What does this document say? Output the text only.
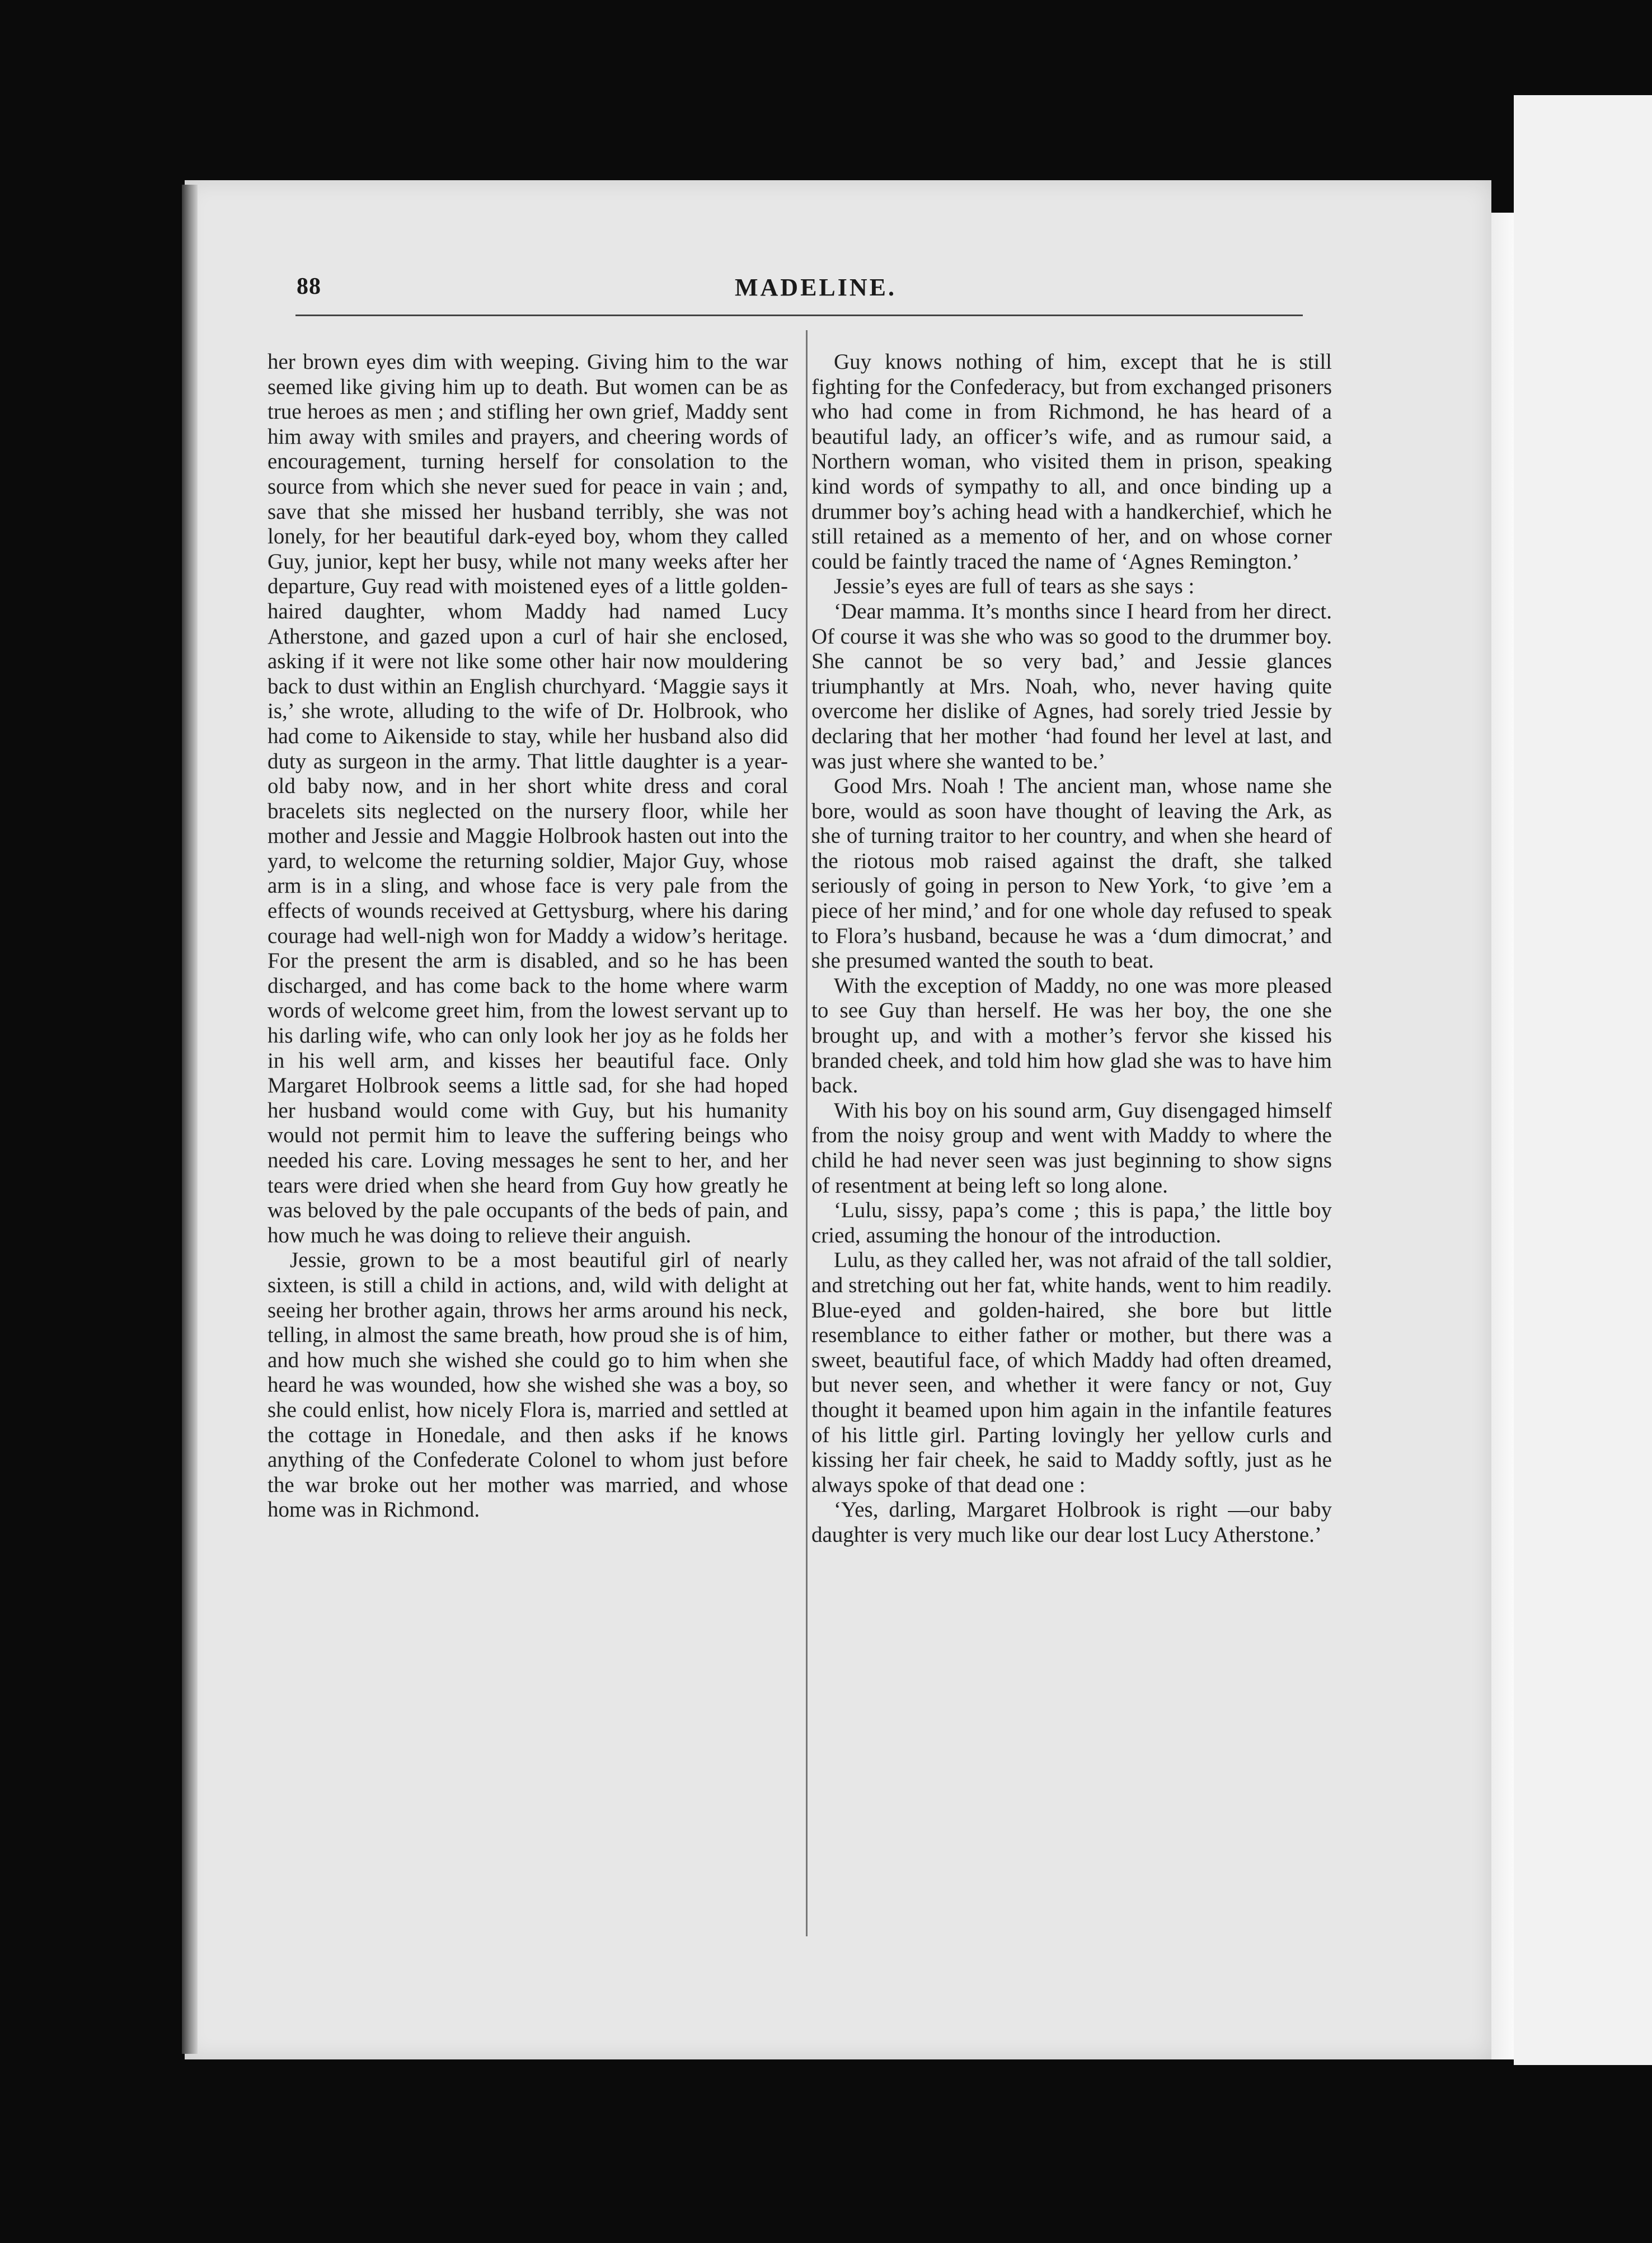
88	MADELINE.

her brown eyes dim with weeping. Giving him to the war seemed like giving him up to death. But women can be as true heroes as men ; and stifling her own grief, Maddy sent him away with smiles and prayers, and cheering words of encouragement, turning herself for consolation to the source from which she never sued for peace in vain ; and, save that she missed her husband terribly, she was not lonely, for her beautiful dark-eyed boy, whom they called Guy, junior, kept her busy, while not many weeks after her departure, Guy read with moistened eyes of a little golden-haired daughter, whom Maddy had named Lucy Atherstone, and gazed upon a curl of hair she enclosed, asking if it were not like some other hair now mouldering back to dust within an English churchyard. ‘Maggie says it is,’ she wrote, alluding to the wife of Dr. Holbrook, who had come to Aikenside to stay, while her husband also did duty as surgeon in the army. That little daughter is a year-old baby now, and in her short white dress and coral bracelets sits neglected on the nursery floor, while her mother and Jessie and Maggie Holbrook hasten out into the yard, to welcome the returning soldier, Major Guy, whose arm is in a sling, and whose face is very pale from the effects of wounds received at Gettysburg, where his daring courage had well-nigh won for Maddy a widow’s heritage. For the present the arm is disabled, and so he has been discharged, and has come back to the home where warm words of welcome greet him, from the lowest servant up to his darling wife, who can only look her joy as he folds her in his well arm, and kisses her beautiful face. Only Margaret Holbrook seems a little sad, for she had hoped her husband would come with Guy, but his humanity would not permit him to leave the suffering beings who needed his care. Loving messages he sent to her, and her tears were dried when she heard from Guy how greatly he was beloved by the pale occupants of the beds of pain, and how much he was doing to relieve their anguish.

Jessie, grown to be a most beautiful girl of nearly sixteen, is still a child in actions, and, wild with delight at seeing her brother again, throws her arms around his neck, telling, in almost the same breath, how proud she is of him, and how much she wished she could go to him when she heard he was wounded, how she wished she was a boy, so she could enlist, how nicely Flora is, married and settled at the cottage in Honedale, and then asks if he knows anything of the Confederate Colonel to whom just before the war broke out her mother was married, and whose home was in Richmond.

Guy knows nothing of him, except that he is still fighting for the Confederacy, but from exchanged prisoners who had come in from Richmond, he has heard of a beautiful lady, an officer’s wife, and as rumour said, a Northern woman, who visited them in prison, speaking kind words of sympathy to all, and once binding up a drummer boy’s aching head with a handkerchief, which he still retained as a memento of her, and on whose corner could be faintly traced the name of ‘Agnes Remington.’

Jessie’s eyes are full of tears as she says :

‘Dear mamma. It’s months since I heard from her direct. Of course it was she who was so good to the drummer boy. She cannot be so very bad,’ and Jessie glances triumphantly at Mrs. Noah, who, never having quite overcome her dislike of Agnes, had sorely tried Jessie by declaring that her mother ‘had found her level at last, and was just where she wanted to be.’

Good Mrs. Noah ! The ancient man, whose name she bore, would as soon have thought of leaving the Ark, as she of turning traitor to her country, and when she heard of the riotous mob raised against the draft, she talked seriously of going in person to New York, ‘to give ’em a piece of her mind,’ and for one whole day refused to speak to Flora’s husband, because he was a ‘dum dimocrat,’ and she presumed wanted the south to beat.

With the exception of Maddy, no one was more pleased to see Guy than herself. He was her boy, the one she brought up, and with a mother’s fervor she kissed his branded cheek, and told him how glad she was to have him back.

With his boy on his sound arm, Guy disengaged himself from the noisy group and went with Maddy to where the child he had never seen was just beginning to show signs of resentment at being left so long alone.

‘Lulu, sissy, papa’s come ; this is papa,’ the little boy cried, assuming the honour of the introduction.

Lulu, as they called her, was not afraid of the tall soldier, and stretching out her fat, white hands, went to him readily. Blue-eyed and golden-haired, she bore but little resemblance to either father or mother, but there was a sweet, beautiful face, of which Maddy had often dreamed, but never seen, and whether it were fancy or not, Guy thought it beamed upon him again in the infantile features of his little girl. Parting lovingly her yellow curls and kissing her fair cheek, he said to Maddy softly, just as he always spoke of that dead one :

‘Yes, darling, Margaret Holbrook is right —our baby daughter is very much like our dear lost Lucy Atherstone.’
